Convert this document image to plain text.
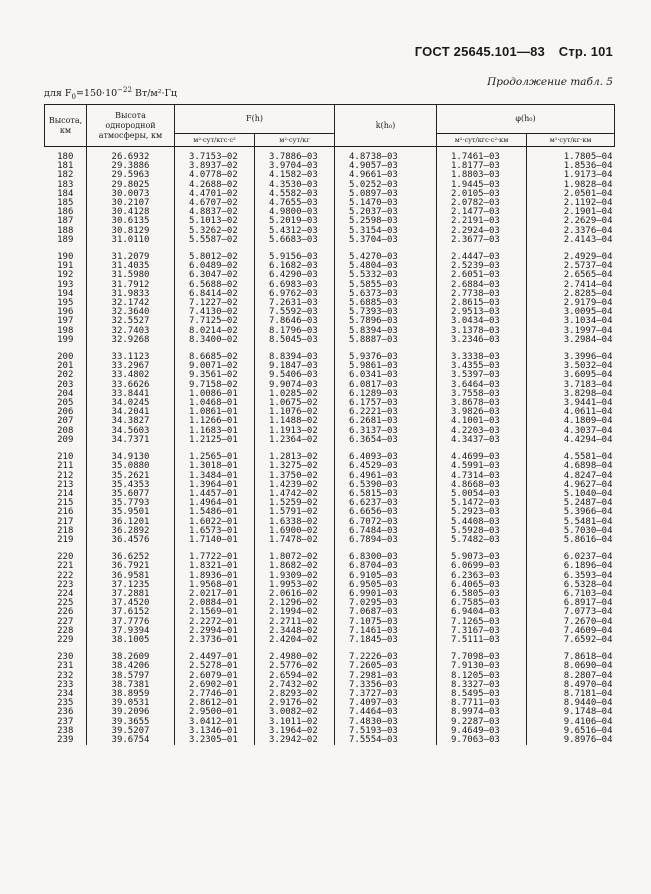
ГОСТ 25645.101—83 Стр. 101
Продолжение табл. 5
для $F_0=150\cdot 10^{-22}$ Вт/м²·Гц
Высота, км	Высота однородной атмосферы, км	F(h)		k(h₀)	φ(h₀)	
		м²·сут/кгс·с²	м²·сут/кг		м²·сут/кгс·с²·км	м²·сут/кг·км
180	26.6932	3.7153—02	3.7886—03	4.8738—03	1.7461—03	1.7805—04
181	29.3886	3.8937—02	3.9704—03	4.9057—03	1.8177—03	1.8536—04
182	29.5963	4.0778—02	4.1582—03	4.9661—03	1.8803—03	1.9173—04
183	29.8025	4.2688—02	4.3530—03	5.0252—03	1.9445—03	1.9828—04
184	30.0073	4.4701—02	4.5582—03	5.0897—03	2.0105—03	2.0501—04
185	30.2107	4.6707—02	4.7655—03	5.1470—03	2.0782—03	2.1192—04
186	30.4128	4.8837—02	4.9800—03	5.2037—03	2.1477—03	2.1901—04
187	30.6135	5.1013—02	5.2019—03	5.2598—03	2.2191—03	2.2629—04
188	30.8129	5.3262—02	5.4312—03	5.3154—03	2.2924—03	2.3376—04
189	31.0110	5.5587—02	5.6683—03	5.3704—03	2.3677—03	2.4143—04
190	31.2079	5.8012—02	5.9156—03	5.4270—03	2.4447—03	2.4929—04
191	31.4035	6.0489—02	6.1682—03	5.4804—03	2.5239—03	2.5737—04
192	31.5980	6.3047—02	6.4290—03	5.5332—03	2.6051—03	2.6565—04
193	31.7912	6.5688—02	6.6983—03	5.5855—03	2.6884—03	2.7414—04
194	31.9833	6.8414—02	6.9762—03	5.6373—03	2.7738—03	2.8285—04
195	32.1742	7.1227—02	7.2631—03	5.6885—03	2.8615—03	2.9179—04
196	32.3640	7.4130—02	7.5592—03	5.7393—03	2.9513—03	3.0095—04
197	32.5527	7.7125—02	7.8646—03	5.7896—03	3.0434—03	3.1034—04
198	32.7403	8.0214—02	8.1796—03	5.8394—03	3.1378—03	3.1997—04
199	32.9268	8.3400—02	8.5045—03	5.8887—03	3.2346—03	3.2984—04
200	33.1123	8.6685—02	8.8394—03	5.9376—03	3.3338—03	3.3996—04
201	33.2967	9.0071—02	9.1847—03	5.9861—03	3.4355—03	3.5032—04
202	33.4802	9.3561—02	9.5406—03	6.0341—03	3.5397—03	3.6095—04
203	33.6626	9.7158—02	9.9074—03	6.0817—03	3.6464—03	3.7183—04
204	33.8441	1.0086—01	1.0285—02	6.1289—03	3.7558—03	3.8298—04
205	34.0245	1.0468—01	1.0675—02	6.1757—03	3.8678—03	3.9441—04
206	34.2041	1.0861—01	1.1076—02	6.2221—03	3.9826—03	4.0611—04
207	34.3827	1.1266—01	1.1488—02	6.2681—03	4.1001—03	4.1809—04
208	34.5603	1.1683—01	1.1913—02	6.3137—03	4.2203—03	4.3037—04
209	34.7371	1.2125—01	1.2364—02	6.3654—03	4.3437—03	4.4294—04
210	34.9130	1.2565—01	1.2813—02	6.4093—03	4.4699—03	4.5581—04
211	35.0880	1.3018—01	1.3275—02	6.4529—03	4.5991—03	4.6898—04
212	35.2621	1.3484—01	1.3750—02	6.4961—03	4.7314—03	4.8247—04
213	35.4353	1.3964—01	1.4239—02	6.5390—03	4.8668—03	4.9627—04
214	35.6077	1.4457—01	1.4742—02	6.5815—03	5.0054—03	5.1040—04
215	35.7793	1.4964—01	1.5259—02	6.6237—03	5.1472—03	5.2487—04
216	35.9501	1.5486—01	1.5791—02	6.6656—03	5.2923—03	5.3966—04
217	36.1201	1.6022—01	1.6338—02	6.7072—03	5.4408—03	5.5481—04
218	36.2892	1.6573—01	1.6900—02	6.7484—03	5.5928—03	5.7030—04
219	36.4576	1.7140—01	1.7478—02	6.7894—03	5.7482—03	5.8616—04
220	36.6252	1.7722—01	1.8072—02	6.8300—03	5.9073—03	6.0237—04
221	36.7921	1.8321—01	1.8682—02	6.8704—03	6.0699—03	6.1896—04
222	36.9581	1.8936—01	1.9309—02	6.9105—03	6.2363—03	6.3593—04
223	37.1235	1.9568—01	1.9953—02	6.9505—03	6.4065—03	6.5328—04
224	37.2881	2.0217—01	2.0616—02	6.9901—03	6.5805—03	6.7103—04
225	37.4520	2.0884—01	2.1296—02	7.0295—03	6.7585—03	6.8917—04
226	37.6152	2.1569—01	2.1994—02	7.0687—03	6.9404—03	7.0773—04
227	37.7776	2.2272—01	2.2711—02	7.1075—03	7.1265—03	7.2670—04
228	37.9394	2.2994—01	2.3448—02	7.1461—03	7.3167—03	7.4609—04
229	38.1005	2.3736—01	2.4204—02	7.1845—03	7.5111—03	7.6592—04
230	38.2609	2.4497—01	2.4980—02	7.2226—03	7.7098—03	7.8618—04
231	38.4206	2.5278—01	2.5776—02	7.2605—03	7.9130—03	8.0690—04
232	38.5797	2.6079—01	2.6594—02	7.2981—03	8.1205—03	8.2807—04
233	38.7381	2.6902—01	2.7432—02	7.3356—03	8.3327—03	8.4970—04
234	38.8959	2.7746—01	2.8293—02	7.3727—03	8.5495—03	8.7181—04
235	39.0531	2.8612—01	2.9176—02	7.4097—03	8.7711—03	8.9440—04
236	39.2096	2.9500—01	3.0082—02	7.4464—03	8.9974—03	9.1748—04
237	39.3655	3.0412—01	3.1011—02	7.4830—03	9.2287—03	9.4106—04
238	39.5207	3.1346—01	3.1964—02	7.5193—03	9.4649—03	9.6516—04
239	39.6754	3.2305—01	3.2942—02	7.5554—03	9.7063—03	9.8976—04
